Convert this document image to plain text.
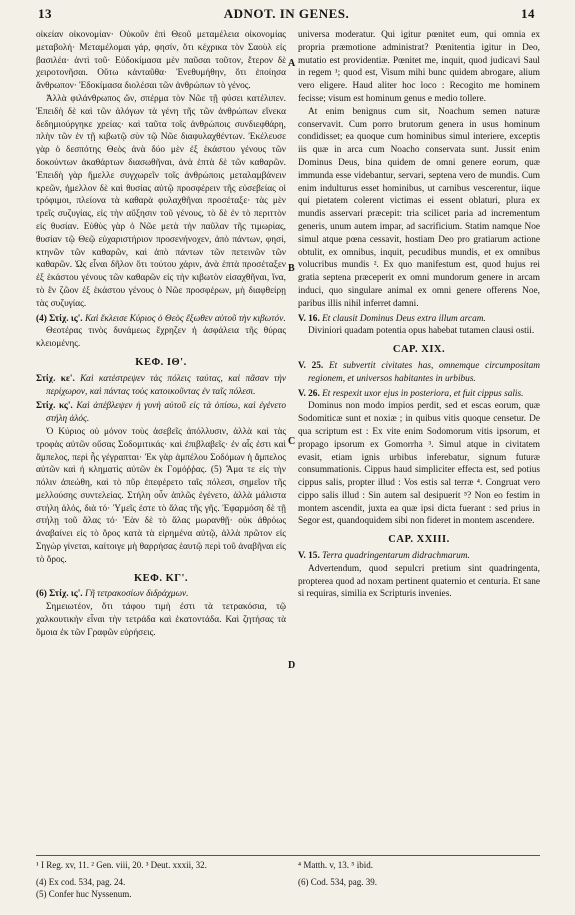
13	ADNOT. IN GENES.	14

οἰκείαν οἰκονομίαν· Οὐκοῦν ἐπὶ Θεοῦ μεταμέλεια οἰκονομίας μεταβολή· Μεταμέλομαι γάρ, φησίν, ὅτι κέχρικα τὸν Σαοὺλ εἰς βασιλέα· ἀντὶ τοῦ· Εὐδοκίμασα μὲν παῦσαι τοῦτον, ἕτερον δὲ χειροτονῆσαι. Οὕτω κἀνταῦθα· Ἐνεθυμήθην, ὅτι ἐποίησα ἄνθρωπον· Ἐδοκίμασα διολέσαι τῶν ἀνθρώπων τὸ γένος.

Ἀλλὰ φιλάνθρωπος ὤν, σπέρμα τὸν Νῶε τῇ φύσει κατέλιπεν. Ἐπειδὴ δὲ καὶ τῶν ἀλόγων τὰ γένη τῆς τῶν ἀνθρώπων εἵνεκα δεδημιούργηκε χρείας· καὶ ταῦτα τοῖς ἀνθρώποις συνδιεφθάρη, πλὴν τῶν ἐν τῇ κιβωτῷ σὺν τῷ Νῶε διαφυλαχθέντων. Ἐκέλευσε γὰρ ὁ δεσπότης Θεὸς ἀνὰ δύο μὲν ἐξ ἑκάστου γένους τῶν δοκούντων ἀκαθάρτων διασωθῆναι, ἀνὰ ἑπτὰ δὲ τῶν καθαρῶν. Ἐπειδὴ γὰρ ἤμελλε συγχωρεῖν τοῖς ἀνθρώποις μεταλαμβάνειν κρεῶν, ἠμελλον δὲ καὶ θυσίας αὐτῷ προσφέρειν τῆς εὐσεβείας οἱ τρόφιμοι, πλείονα τὰ καθαρὰ φυλαχθῆναι προσέταξε· τὰς μὲν τρεῖς συζυγίας, εἰς τὴν αὔξησιν τοῦ γένους, τὸ δὲ ἐν τὸ περιττὸν εἰς θυσίαν. Εὐθὺς γὰρ ὁ Νῶε μετὰ τὴν παῦλαν τῆς τιμωρίας, θυσίαν τῷ Θεῷ εὐχαριστήριον προσενήνοχεν, ἀπὸ πάντων, φησί, κτηνῶν τῶν καθαρῶν, καὶ ἀπὸ πάντων τῶν πετεινῶν τῶν καθαρῶν. Ὡς εἶναι δῆλον ὅτι τούτου χάριν, ἀνὰ ἑπτὰ προσέταξεν ἐξ ἑκάστου γένους τῶν καθαρῶν εἰς τὴν κιβωτὸν εἰσαχθῆναι, ἵνα, τὸ ἓν ζῶον ἐξ ἑκάστου γένους ὁ Νῶε προσφέρων, μὴ διαφθείρῃ τὰς συζυγίας.

(4) Στίχ. ις'. Καὶ ἔκλεισε Κύριος ὁ Θεὸς ἔξωθεν αὐτοῦ τὴν κιβωτόν.

Θεοτέρας τινὸς δυνάμεως ἔχρηζεν ἡ ἀσφάλεια τῆς θύρας κλειομένης.

ΚΕΦ. ΙΘ'.
Στίχ. κε'. Καὶ κατέστρεψεν τὰς πόλεις ταύτας, καὶ πᾶσαν τὴν περίχωρον, καὶ πάντας τοὺς κατοικοῦντας ἐν ταῖς πόλεσι.
Στίχ. κς'. Καὶ ἀπέβλεψεν ἡ γυνὴ αὐτοῦ εἰς τὰ ὀπίσω, καὶ ἐγένετο στήλη ἁλός.

Ὁ Κύριος οὐ μόνον τοὺς ἀσεβεῖς ἀπόλλυσιν, ἀλλὰ καὶ τὰς τροφὰς αὐτῶν οὔσας Σοδομιτικάς· καὶ ἐπιβλαβεῖς· ἐν αἷς ἐστι καὶ ἄμπελος, περὶ ἧς γέγραπται· Ἐκ γὰρ ἀμπέλου Σοδόμων ἡ ἄμπελος αὐτῶν καὶ ἡ κληματὶς αὐτῶν ἐκ Γομόῤῥας. (5) Ἅμα τε εἰς τὴν πόλιν ἀπεώθη, καὶ τὸ πῦρ ἐπεφέρετο ταῖς πόλεσι, σημεῖον τῆς μελλούσης συντελείας. Στήλη οὖν ἁπλῶς ἐγένετο, ἀλλὰ μάλιστα στήλη ἁλός, διὰ τό· Ὑμεῖς ἐστε τὸ ἅλας τῆς γῆς. Ἐφαρμόση δὲ τῇ στήλῃ τοῦ ἅλας τό· Ἐὰν δὲ τὸ ἅλας μωρανθῇ· οὐκ ἀθρόως ἀναβαίνει εἰς τὸ ὄρος κατὰ τὰ εἰρημένα αὐτῷ, ἀλλὰ πρῶτον εἰς Σηγὼρ γίνεται, καίτοιγε μὴ θαρρήσας ἑαυτῷ περὶ τοῦ ἀναβῆναι εἰς τὸ ὄρος.

ΚΕΦ. ΚΓ'.
(6) Στίχ. ις'. Γῆ τετρακοσίων διδράχμων.

Σημειωτέον, ὅτι τάφου τιμὴ ἐστι τὰ τετρακόσια, τῷ χαλκουτικὴν εἶναι τὴν τετράδα καὶ ἑκατοντάδα. Καὶ ζητήσας τὰ ὅμοια ἐκ τῶν Γραφῶν εὑρήσεις.

universa moderatur. Qui igitur pœnitet eum, qui omnia ex propria præmotione administrat? Pœnitentia igitur in Deo, mutatio est providentiæ. Pœnitet me, inquit, quod judicavi Saul in regem ¹; quod est, Visum mihi bunc quidem abrogare, alium vero eligere. Haud aliter hoc loco : Recogito me hominem fecisse; visum est hominum genus e medio tollere.

At enim benignus cum sit, Noachum semen naturæ conservavit. Cum porro brutorum genera in usus hominum condidisset; ea quoque cum hominibus simul interiere, exceptis iis quæ in arca cum Noacho conservata sunt. Jussit enim Dominus Deus, bina quidem de omni genere eorum, quæ immunda esse videbantur, servari, septena vero de mundis. Cum enim indulturus esset hominibus, ut carnibus vescerentur, iique qui pietatem colerent victimas ei essent oblaturi, plura ex mundis asservari præcepit: tria scilicet paria ad incrementum generis, unum autem impar, ad sacrificium. Statim namque Noe simul atque pœna cessavit, hostiam Deo pro gratiarum actione obtulit, ex omnibus, inquit, pecudibus mundis, et ex omnibus volucribus mundis ². Ex quo manifestum est, quod hujus rei gratia septena præceperit ex omni mundorum genere in arcam induci, quo singulare animal ex omni genere offerens Noe, paribus illis nihil inferret damni.

V. 16. Et clausit Dominus Deus extra illum arcam.

Diviniori quadam potentia opus habebat tutamen clausi ostii.

CAP. XIX.
V. 25. Et subvertit civitates has, omnemque circumpositam regionem, et universos habitantes in urbibus.
V. 26. Et respexit uxor ejus in posteriora, et fuit cippus salis.

Dominus non modo impios perdit, sed et escas eorum, quæ Sodomiticæ sunt et noxiæ ; in quibus vitis quoque censetur. De qua scriptum est : Ex vite enim Sodomorum vitis ipsorum, et propago ipsorum ex Gomorrha ³. Simul atque in civitatem evasit, etiam ignis urbibus inferebatur, signum futuræ consummationis. Cippus haud simpliciter effecta est, sed potius cippus salis, propter illud : Vos estis sal terræ ⁴. Congruat vero cippo salis illud : Sin autem sal desipuerit ⁵? Non eo festim in montem ascendit, juxta ea quæ ipsi dicta fuerant : sed prius in Segor est, quandoquidem sibi non fideret in montem ascendere.

CAP. XXIII.
V. 15. Terra quadringentarum didrachmarum.

Advertendum, quod sepulcri pretium sint quadringenta, propterea quod ad noxam pertinent quaternio et centuria. Et sane si requiras, similia ex Scripturis invenies.

A
B
C
D
¹ I Reg. xv, 11. ² Gen. viii, 20. ³ Deut. xxxii, 32.	⁴ Matth. v, 13. ⁵ ibid.
(4) Ex cod. 534, pag. 24.
(5) Confer huc Nyssenum.
(6) Cod. 534, pag. 39.
